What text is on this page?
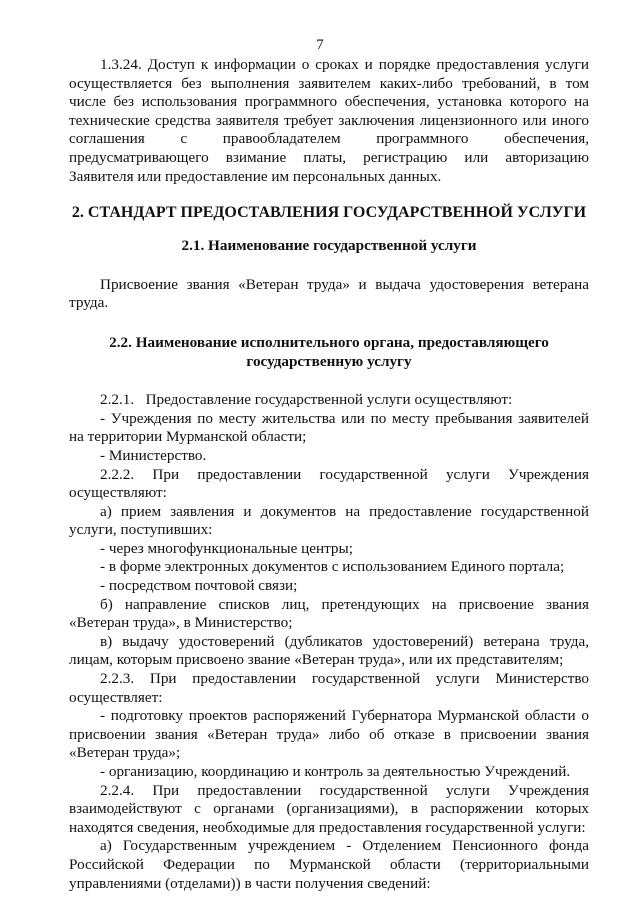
7

1.3.24. Доступ к информации о сроках и порядке предоставления услуги осуществляется без выполнения заявителем каких-либо требований, в том числе без использования программного обеспечения, установка которого на технические средства заявителя требует заключения лицензионного или иного соглашения с правообладателем программного обеспечения, предусматривающего взимание платы, регистрацию или авторизацию Заявителя или предоставление им персональных данных.

2. СТАНДАРТ ПРЕДОСТАВЛЕНИЯ ГОСУДАРСТВЕННОЙ УСЛУГИ
2.1. Наименование государственной услуги

Присвоение звания «Ветеран труда» и выдача удостоверения ветерана труда.

2.2. Наименование исполнительного органа, предоставляющего
государственную услугу

2.2.1.   Предоставление государственной услуги осуществляют:

- Учреждения по месту жительства или по месту пребывания заявителей на территории Мурманской области;

- Министерство.

2.2.2. При предоставлении государственной услуги Учреждения осуществляют:

а) прием заявления и документов на предоставление государственной услуги, поступивших:

- через многофункциональные центры;

- в форме электронных документов с использованием Единого портала;

- посредством почтовой связи;

б) направление списков лиц, претендующих на присвоение звания «Ветеран труда», в Министерство;

в) выдачу удостоверений (дубликатов удостоверений) ветерана труда, лицам, которым присвоено звание «Ветеран труда», или их представителям;

2.2.3. При предоставлении государственной услуги Министерство осуществляет:

- подготовку проектов распоряжений Губернатора Мурманской области о присвоении звания «Ветеран труда» либо об отказе в присвоении звания «Ветеран труда»;

- организацию, координацию и контроль за деятельностью Учреждений.

2.2.4. При предоставлении государственной услуги Учреждения взаимодействуют с органами (организациями), в распоряжении которых находятся сведения, необходимые для предоставления государственной услуги:

а) Государственным учреждением - Отделением Пенсионного фонда Российской Федерации по Мурманской области (территориальными управлениями (отделами)) в части получения сведений:
